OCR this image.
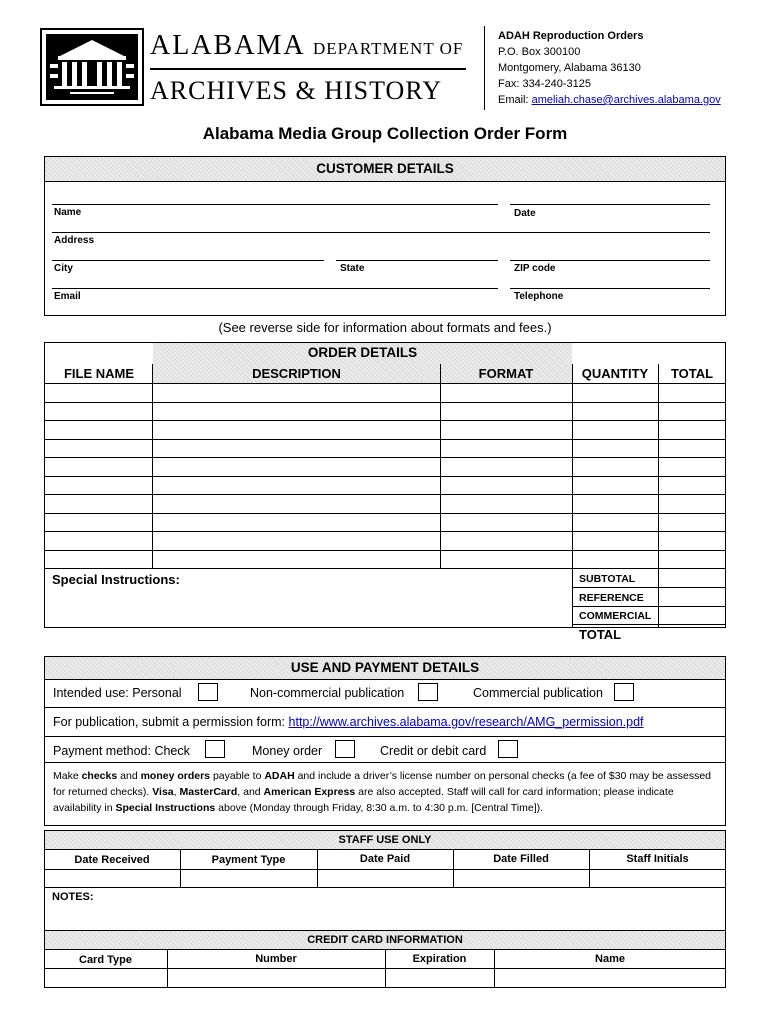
ALABAMA DEPARTMENT OF
ARCHIVES & HISTORY
ADAH Reproduction Orders
P.O. Box 300100
Montgomery, Alabama 36130
Fax: 334-240-3125
Email: ameliah.chase@archives.alabama.gov
Alabama Media Group Collection Order Form
CUSTOMER DETAILS
Name	Date
Address
City	State	ZIP code
Email	Telephone
(See reverse side for information about formats and fees.)
ORDER DETAILS
FILE NAME	DESCRIPTION	FORMAT	QUANTITY	TOTAL
Special Instructions:	SUBTOTAL
REFERENCE
COMMERCIAL
TOTAL
USE AND PAYMENT DETAILS
Intended use: Personal	Non-commercial publication	Commercial publication
For publication, submit a permission form: http://www.archives.alabama.gov/research/AMG_permission.pdf
Payment method: Check	Money order	Credit or debit card
Make checks and money orders payable to ADAH and include a driver’s license number on personal checks (a fee of $30 may be assessed for returned checks). Visa, MasterCard, and American Express are also accepted. Staff will call for card information; please indicate availability in Special Instructions above (Monday through Friday, 8:30 a.m. to 4:30 p.m. [Central Time]).
STAFF USE ONLY
Date Received	Payment Type	Date Paid	Date Filled	Staff Initials
NOTES:
CREDIT CARD INFORMATION
Card Type	Number	Expiration	Name
